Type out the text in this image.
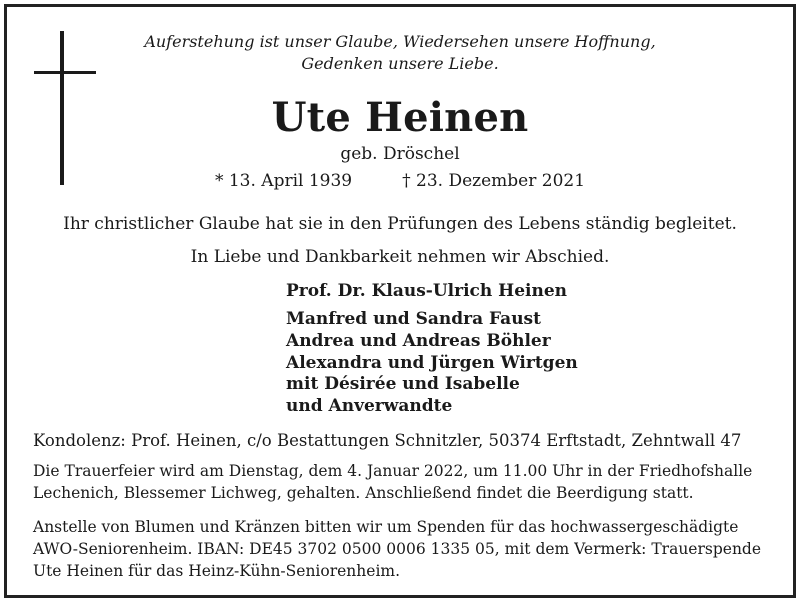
Auferstehung ist unser Glaube, Wiedersehen unsere Hoffnung,
Gedenken unsere Liebe.
Ute Heinen
geb. Dröschel
* 13. April 1939	† 23. Dezember 2021
Ihr christlicher Glaube hat sie in den Prüfungen des Lebens ständig begleitet.
In Liebe und Dankbarkeit nehmen wir Abschied.
Prof. Dr. Klaus-Ulrich Heinen
Manfred und Sandra Faust
Andrea und Andreas Böhler
Alexandra und Jürgen Wirtgen
mit Désirée und Isabelle
und Anverwandte
Kondolenz: Prof. Heinen, c/o Bestattungen Schnitzler, 50374 Erftstadt, Zehntwall 47
Die Trauerfeier wird am Dienstag, dem 4. Januar 2022, um 11.00 Uhr in der Friedhofshalle
Lechenich, Blessemer Lichweg, gehalten. Anschließend findet die Beerdigung statt.
Anstelle von Blumen und Kränzen bitten wir um Spenden für das hochwassergeschädigte
AWO-Seniorenheim. IBAN: DE45 3702 0500 0006 1335 05, mit dem Vermerk: Trauerspende
Ute Heinen für das Heinz-Kühn-Seniorenheim.
